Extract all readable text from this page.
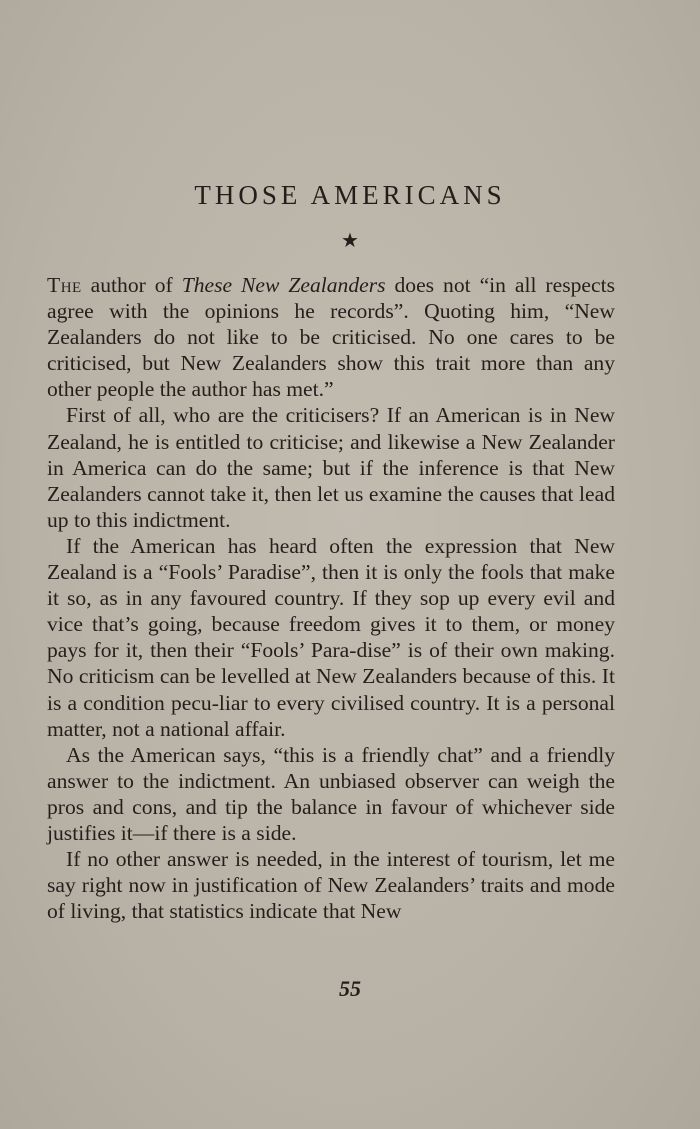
THOSE AMERICANS
★

The author of These New Zealanders does not “in all respects agree with the opinions he records”. Quoting him, “New Zealanders do not like to be criticised. No one cares to be criticised, but New Zealanders show this trait more than any other people the author has met.”

First of all, who are the criticisers? If an American is in New Zealand, he is entitled to criticise; and likewise a New Zealander in America can do the same; but if the inference is that New Zealanders cannot take it, then let us examine the causes that lead up to this indictment.

If the American has heard often the expression that New Zealand is a “Fools’ Paradise”, then it is only the fools that make it so, as in any favoured country. If they sop up every evil and vice that’s going, because freedom gives it to them, or money pays for it, then their “Fools’ Para-dise” is of their own making. No criticism can be levelled at New Zealanders because of this. It is a condition pecu-liar to every civilised country. It is a personal matter, not a national affair.

As the American says, “this is a friendly chat” and a friendly answer to the indictment. An unbiased observer can weigh the pros and cons, and tip the balance in favour of whichever side justifies it—if there is a side.

If no other answer is needed, in the interest of tourism, let me say right now in justification of New Zealanders’ traits and mode of living, that statistics indicate that New

55
